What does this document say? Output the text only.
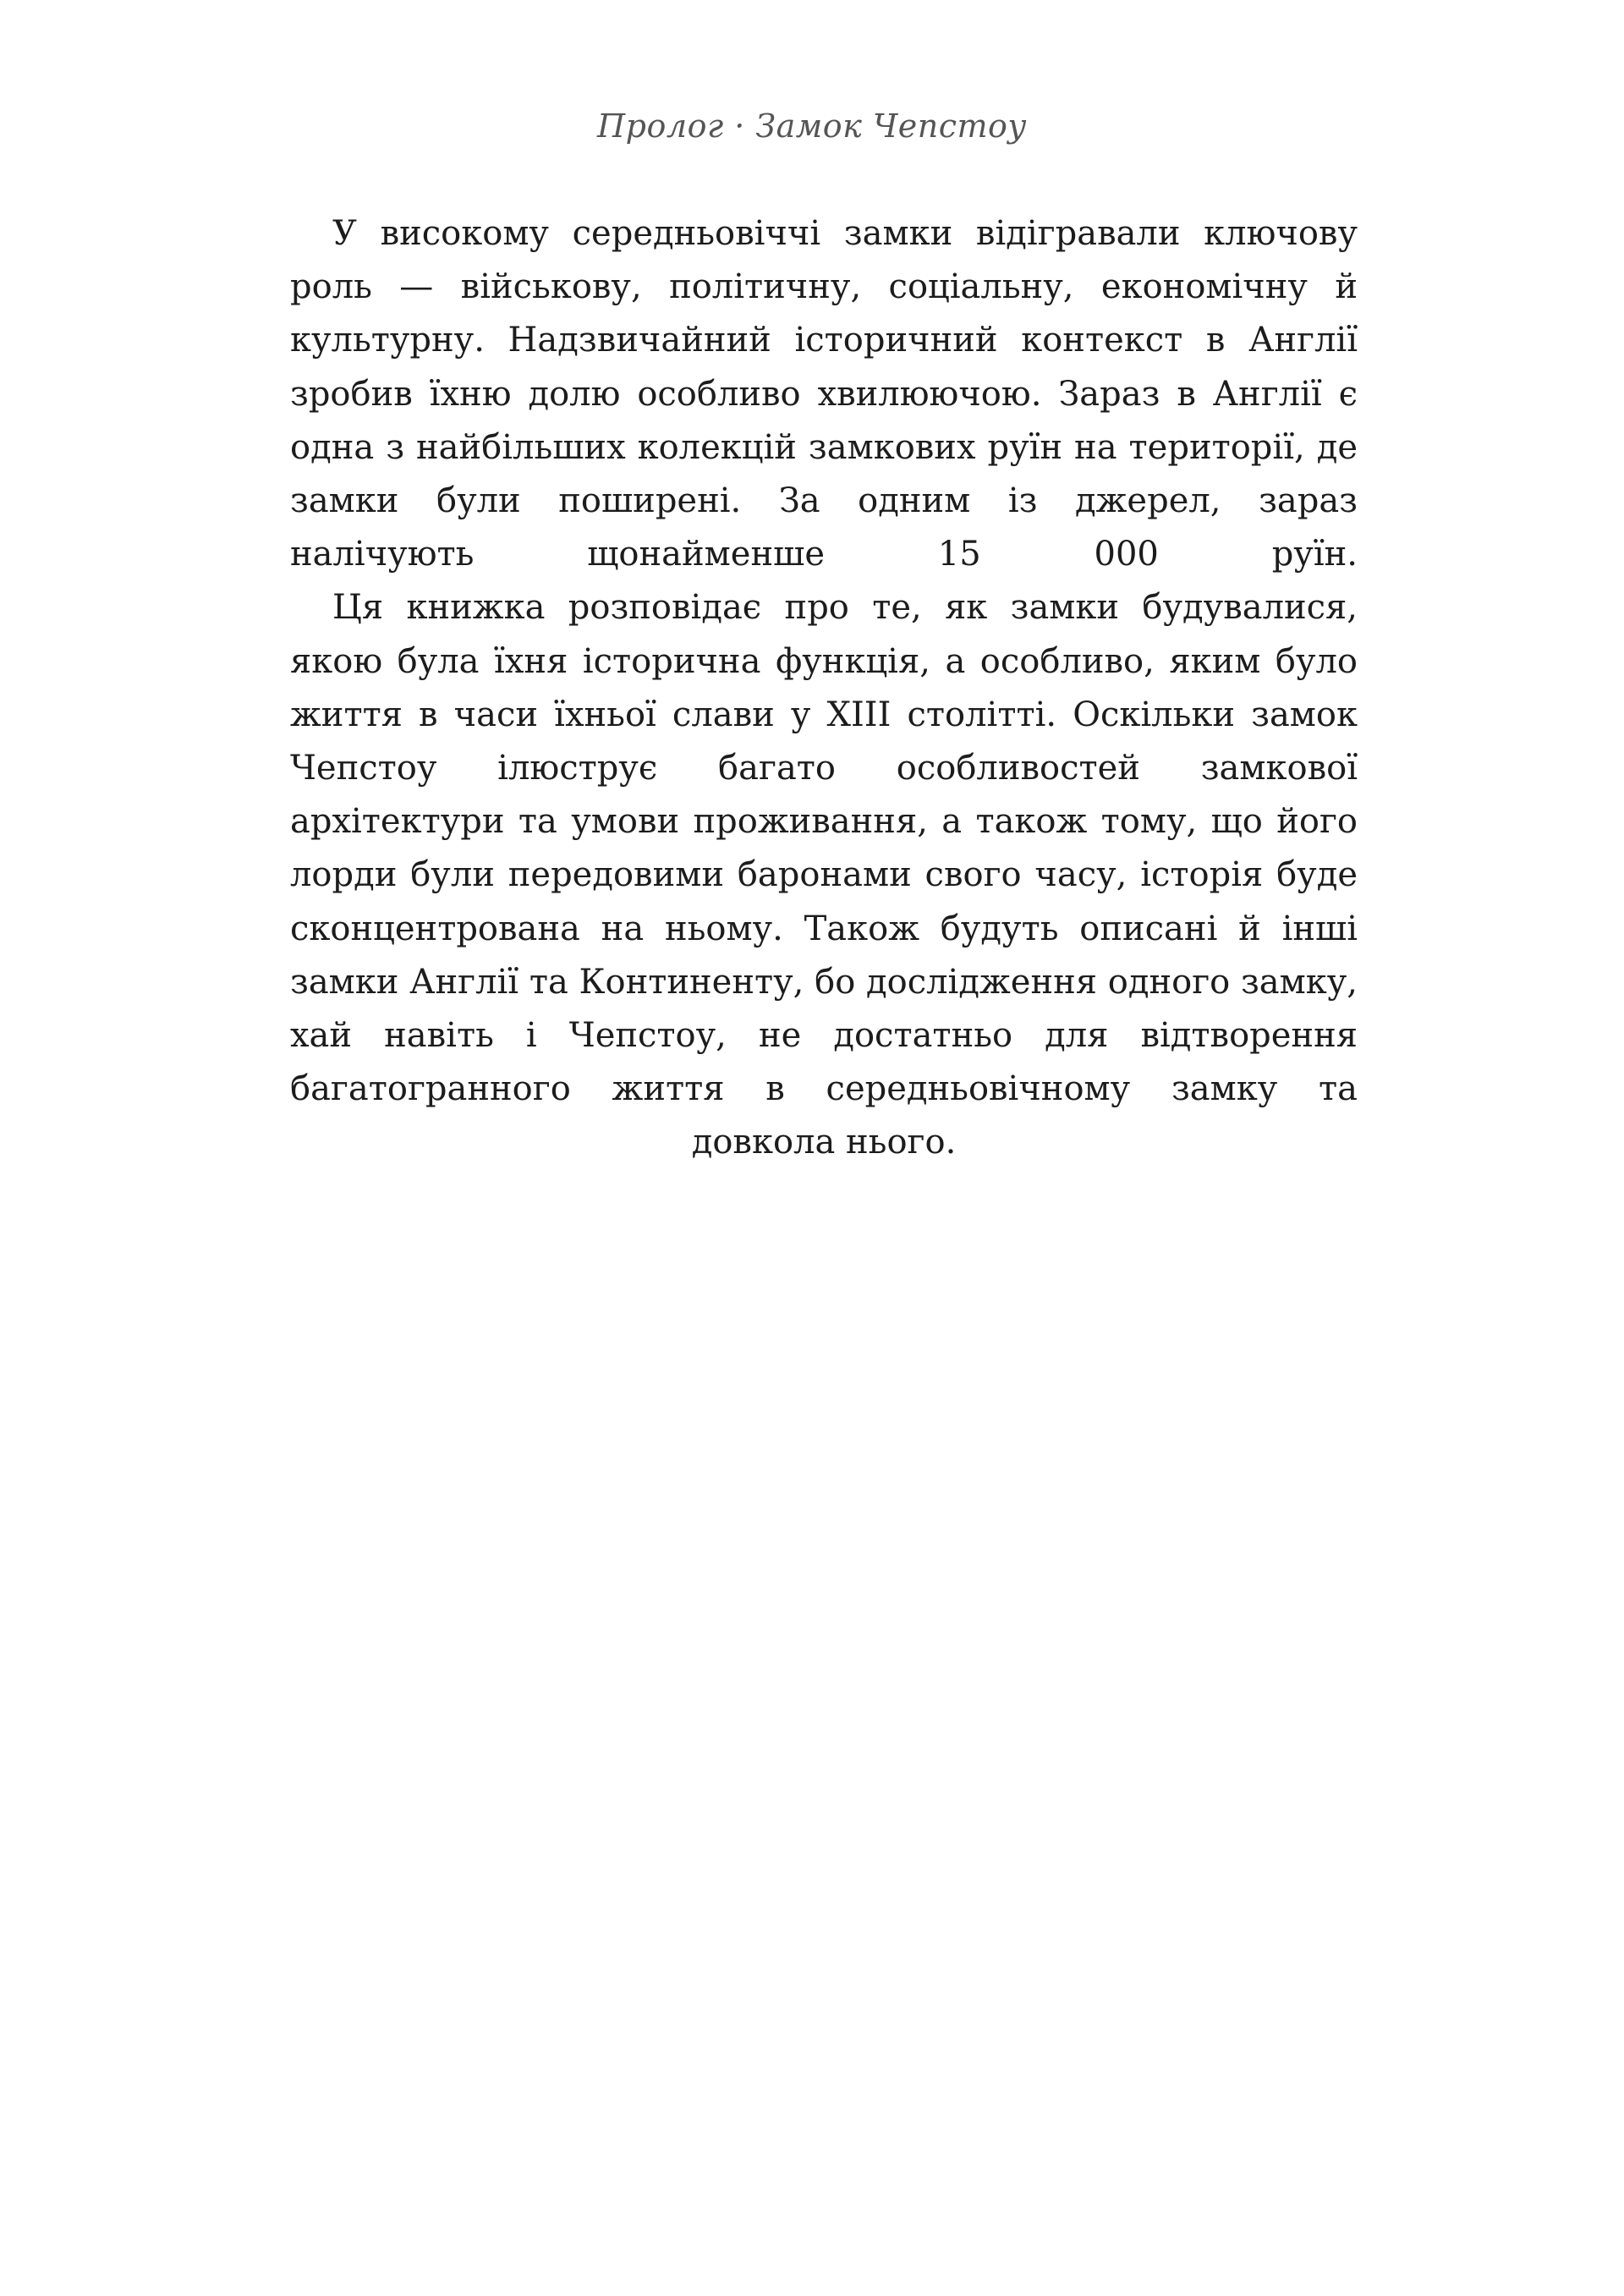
Пролог · Замок Чепстоу

У високому середньовіччі замки відігравали ключову роль — військову, політичну, соціальну, економічну й культурну. Надзвичайний історичний контекст в Англії зробив їхню долю особливо хвилюючою. Зараз в Англії є одна з найбільших колекцій замкових руїн на території, де замки були поширені. За одним із джерел, зараз налічують щонайменше 15 000 руїн.

Ця книжка розповідає про те, як замки будувалися, якою була їхня історична функція, а особливо, яким було життя в часи їхньої слави у XIII столітті. Оскільки замок Чепстоу ілюструє багато особливостей замкової архітектури та умови проживання, а також тому, що його лорди були передовими баронами свого часу, історія буде сконцентрована на ньому. Також будуть описані й інші замки Англії та Континенту, бо дослідження одного замку, хай навіть і Чепстоу, не достатньо для відтворення багатогранного життя в середньовічному замку та довкола нього.
